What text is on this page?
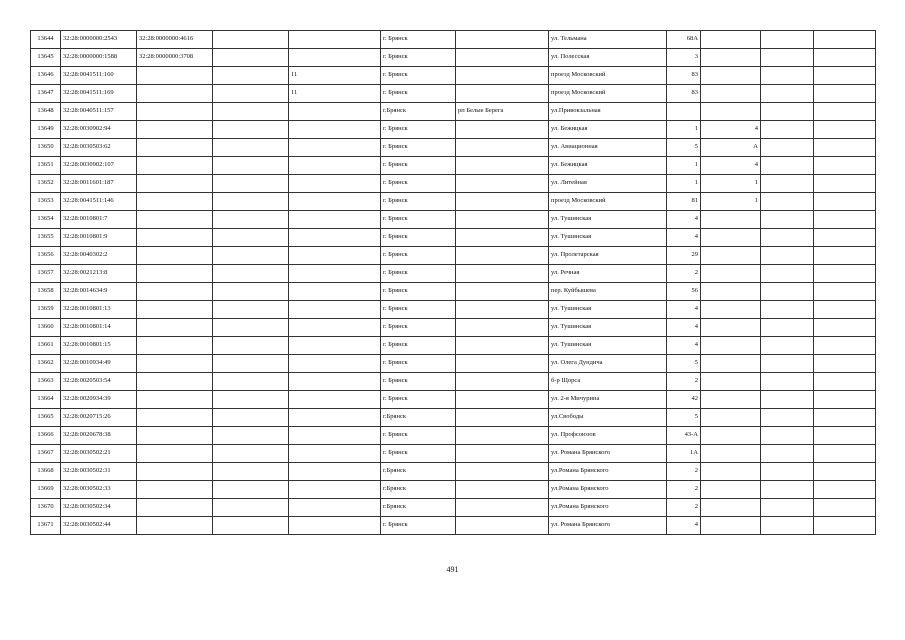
13644	32:28:0000000:2543	32:28:0000000:4616			г. Брянск		ул. Тельмана	68А			
13645	32:28:0000000:1588	32:28:0000000:3708			г. Брянск		ул. Полесская	3			
13646	32:28:0041511:160			11	г. Брянск		проезд Московский	83			
13647	32:28:0041511:169			11	г. Брянск		проезд Московский	83			
13648	32:28:0040511:157				г.Брянск	рп Белые Берега	ул.Привокзальная				
13649	32:28:0030902:94				г. Брянск		ул. Бежицкая	1	4		
13650	32:28:0030503:62				г. Брянск		ул. Авиационная	5	А		
13651	32:28:0030902:107				г. Брянск		ул. Бежицкая	1	4		
13652	32:28:0011601:187				г. Брянск		ул. Литейная	1	1		
13653	32:28:0041511:146				г. Брянск		проезд Московский	81	1		
13654	32:28:0010801:7				г. Брянск		ул. Тушинская	4			
13655	32:28:0010801:9				г. Брянск		ул. Тушинская	4			
13656	32:28:0040302:2				г. Брянск		ул. Пролетарская	29			
13657	32:28:0021213:8				г. Брянск		ул. Речная	2			
13658	32:28:0014634:9				г. Брянск		пер. Куйбышева	56			
13659	32:28:0010801:13				г. Брянск		ул. Тушинская	4			
13660	32:28:0010801:14				г. Брянск		ул. Тушинская	4			
13661	32:28:0010801:15				г. Брянск		ул. Тушинская	4			
13662	32:28:0010934:49				г. Брянск		ул. Олега Дундича	5			
13663	32:28:0020503:54				г. Брянск		б-р Щорса	2			
13664	32:28:0020934:39				г. Брянск		ул. 2-я Мичурина	42			
13665	32:28:0020715:26				г.Брянск		ул.Свободы	5			
13666	32:28:0020678:38				г. Брянск		ул. Профсоюзов	43-А			
13667	32:28:0030502:21				г. Брянск		ул. Романа Брянского	1А			
13668	32:28:0030502:31				г.Брянск		ул.Романа Брянского	2			
13669	32:28:0030502:33				г.Брянск		ул.Романа Брянского	2			
13670	32:28:0030502:34				г.Брянск		ул.Романа Брянского	2			
13671	32:28:0030502:44				г. Брянск		ул. Романа Брянского	4			
491
